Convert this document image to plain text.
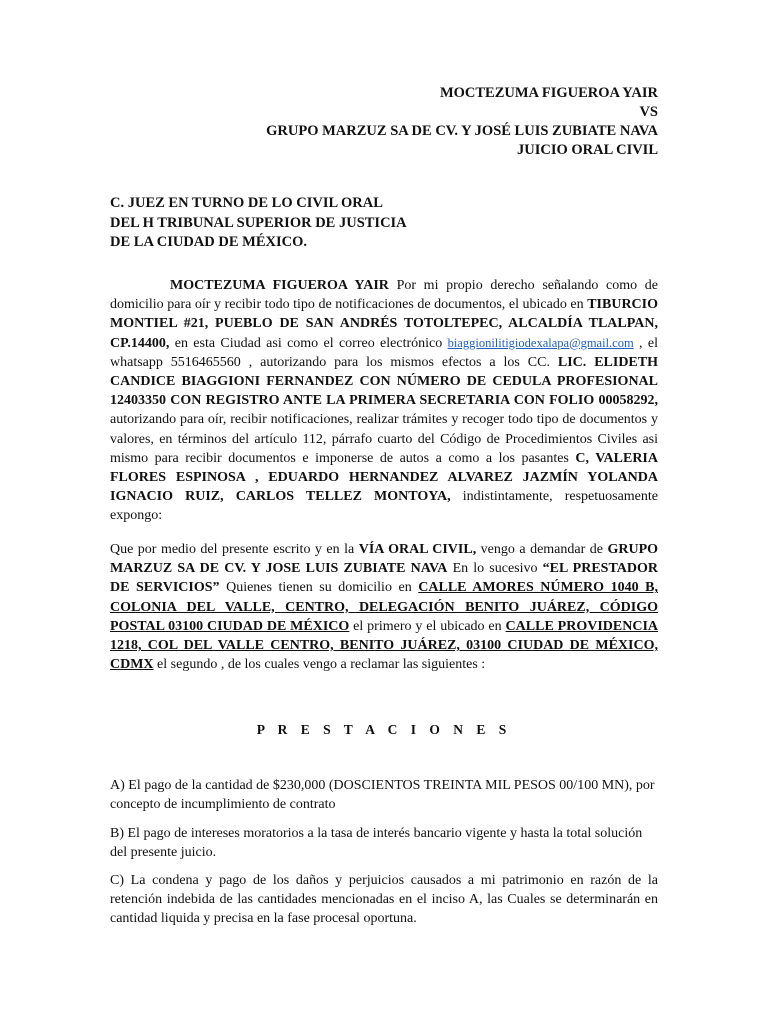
MOCTEZUMA FIGUEROA YAIR
VS
GRUPO MARZUZ SA DE CV. Y JOSÉ LUIS ZUBIATE NAVA
JUICIO ORAL CIVIL
C. JUEZ EN TURNO DE LO CIVIL ORAL
DEL H TRIBUNAL SUPERIOR DE JUSTICIA
DE LA CIUDAD DE MÉXICO.
MOCTEZUMA FIGUEROA YAIR Por mi propio derecho señalando como de domicilio para oír y recibir todo tipo de notificaciones de documentos, el ubicado en TIBURCIO MONTIEL #21, PUEBLO DE SAN ANDRÉS TOTOLTEPEC, ALCALDÍA TLALPAN, CP.14400, en esta Ciudad asi como el correo electrónico biaggionilitigiodexalapa@gmail.com , el whatsapp 5516465560 , autorizando para los mismos efectos a los CC. LIC. ELIDETH CANDICE BIAGGIONI FERNANDEZ CON NÚMERO DE CEDULA PROFESIONAL 12403350 CON REGISTRO ANTE LA PRIMERA SECRETARIA CON FOLIO 00058292, autorizando para oír, recibir notificaciones, realizar trámites y recoger todo tipo de documentos y valores, en términos del artículo 112, párrafo cuarto del Código de Procedimientos Civiles asi mismo para recibir documentos e imponerse de autos a como a los pasantes C, VALERIA FLORES ESPINOSA , EDUARDO HERNANDEZ ALVAREZ JAZMÍN YOLANDA IGNACIO RUIZ, CARLOS TELLEZ MONTOYA, indistintamente, respetuosamente expongo:
Que por medio del presente escrito y en la VÍA ORAL CIVIL, vengo a demandar de GRUPO MARZUZ SA DE CV. Y JOSE LUIS ZUBIATE NAVA En lo sucesivo “EL PRESTADOR DE SERVICIOS” Quienes tienen su domicilio en CALLE AMORES NÚMERO 1040 B, COLONIA DEL VALLE, CENTRO, DELEGACIÓN BENITO JUÁREZ, CÓDIGO POSTAL 03100 CIUDAD DE MÉXICO el primero y el ubicado en CALLE PROVIDENCIA 1218, COL DEL VALLE CENTRO, BENITO JUÁREZ, 03100 CIUDAD DE MÉXICO, CDMX el segundo , de los cuales vengo a reclamar las siguientes :
P R E S T A C I O N E S
A) El pago de la cantidad de $230,000 (DOSCIENTOS TREINTA MIL PESOS 00/100 MN), por concepto de incumplimiento de contrato
B) El pago de intereses moratorios a la tasa de interés bancario vigente y hasta la total solución del presente juicio.
C) La condena y pago de los daños y perjuicios causados a mi patrimonio en razón de la retención indebida de las cantidades mencionadas en el inciso A, las Cuales se determinarán en cantidad liquida y precisa en la fase procesal oportuna.
